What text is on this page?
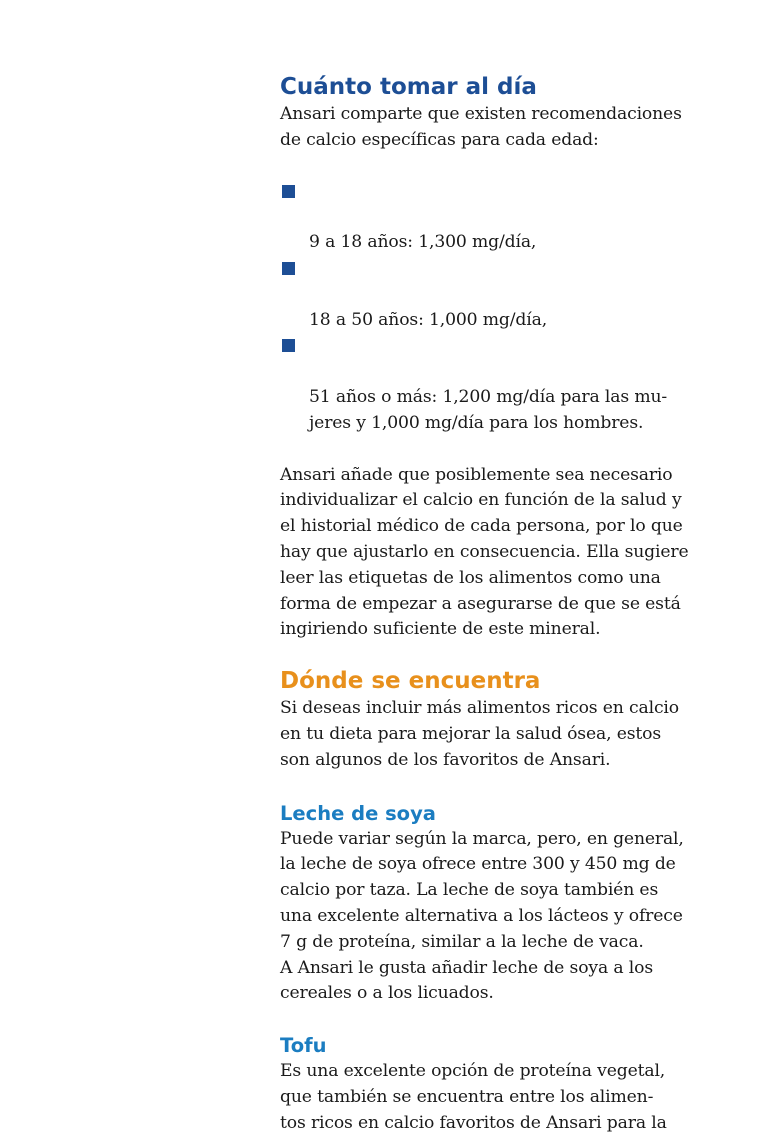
Cuánto tomar al día

Ansari comparte que existen recomendaciones
de calcio específicas para cada edad:

9 a 18 años: 1,300 mg/día,

18 a 50 años: 1,000 mg/día,

51 años o más: 1,200 mg/día para las mu-
jeres y 1,000 mg/día para los hombres.

Ansari añade que posiblemente sea necesario
individualizar el calcio en función de la salud y
el historial médico de cada persona, por lo que
hay que ajustarlo en consecuencia. Ella sugiere
leer las etiquetas de los alimentos como una
forma de empezar a asegurarse de que se está
ingiriendo suficiente de este mineral.

Dónde se encuentra

Si deseas incluir más alimentos ricos en calcio
en tu dieta para mejorar la salud ósea, estos
son algunos de los favoritos de Ansari.

Leche de soya

Puede variar según la marca, pero, en general,
la leche de soya ofrece entre 300 y 450 mg de
calcio por taza. La leche de soya también es
una excelente alternativa a los lácteos y ofrece
7 g de proteína, similar a la leche de vaca.
A Ansari le gusta añadir leche de soya a los
cereales o a los licuados.

Tofu

Es una excelente opción de proteína vegetal,
que también se encuentra entre los alimen-
tos ricos en calcio favoritos de Ansari para la
